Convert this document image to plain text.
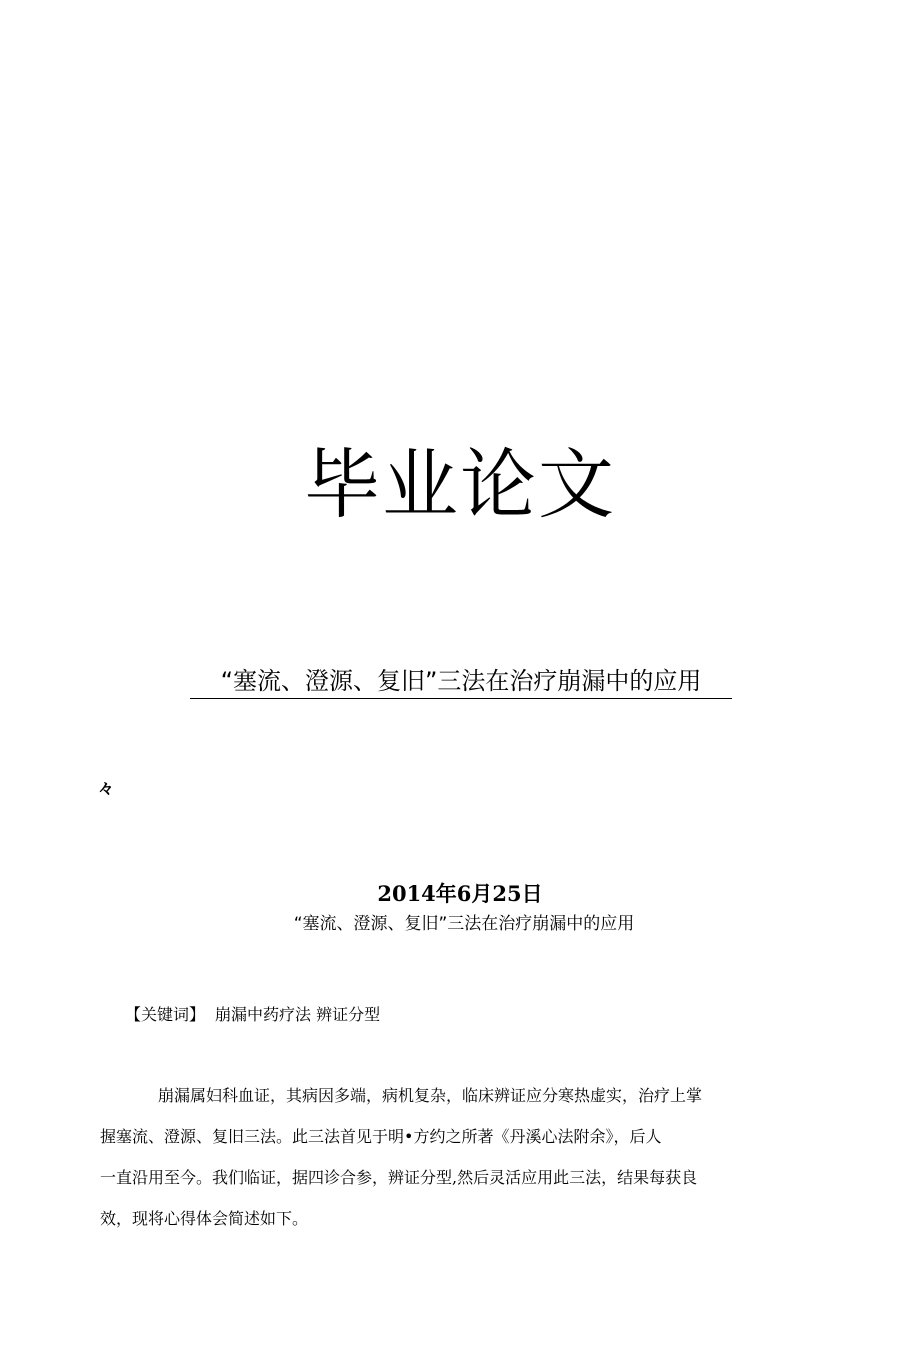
毕业论文
“塞流、澄源、复旧”三法在治疗崩漏中的应用
々
2014年6月25日
“塞流、澄源、复旧”三法在治疗崩漏中的应用
【关键词】 崩漏中药疗法 辨证分型
崩漏属妇科血证，其病因多端，病机复杂，临床辨证应分寒热虚实，治疗上掌
握塞流、澄源、复旧三法。此三法首见于明•方约之所著《丹溪心法附余》，后人
一直沿用至今。我们临证，据四诊合参，辨证分型,然后灵活应用此三法，结果每获良
效，现将心得体会简述如下。
